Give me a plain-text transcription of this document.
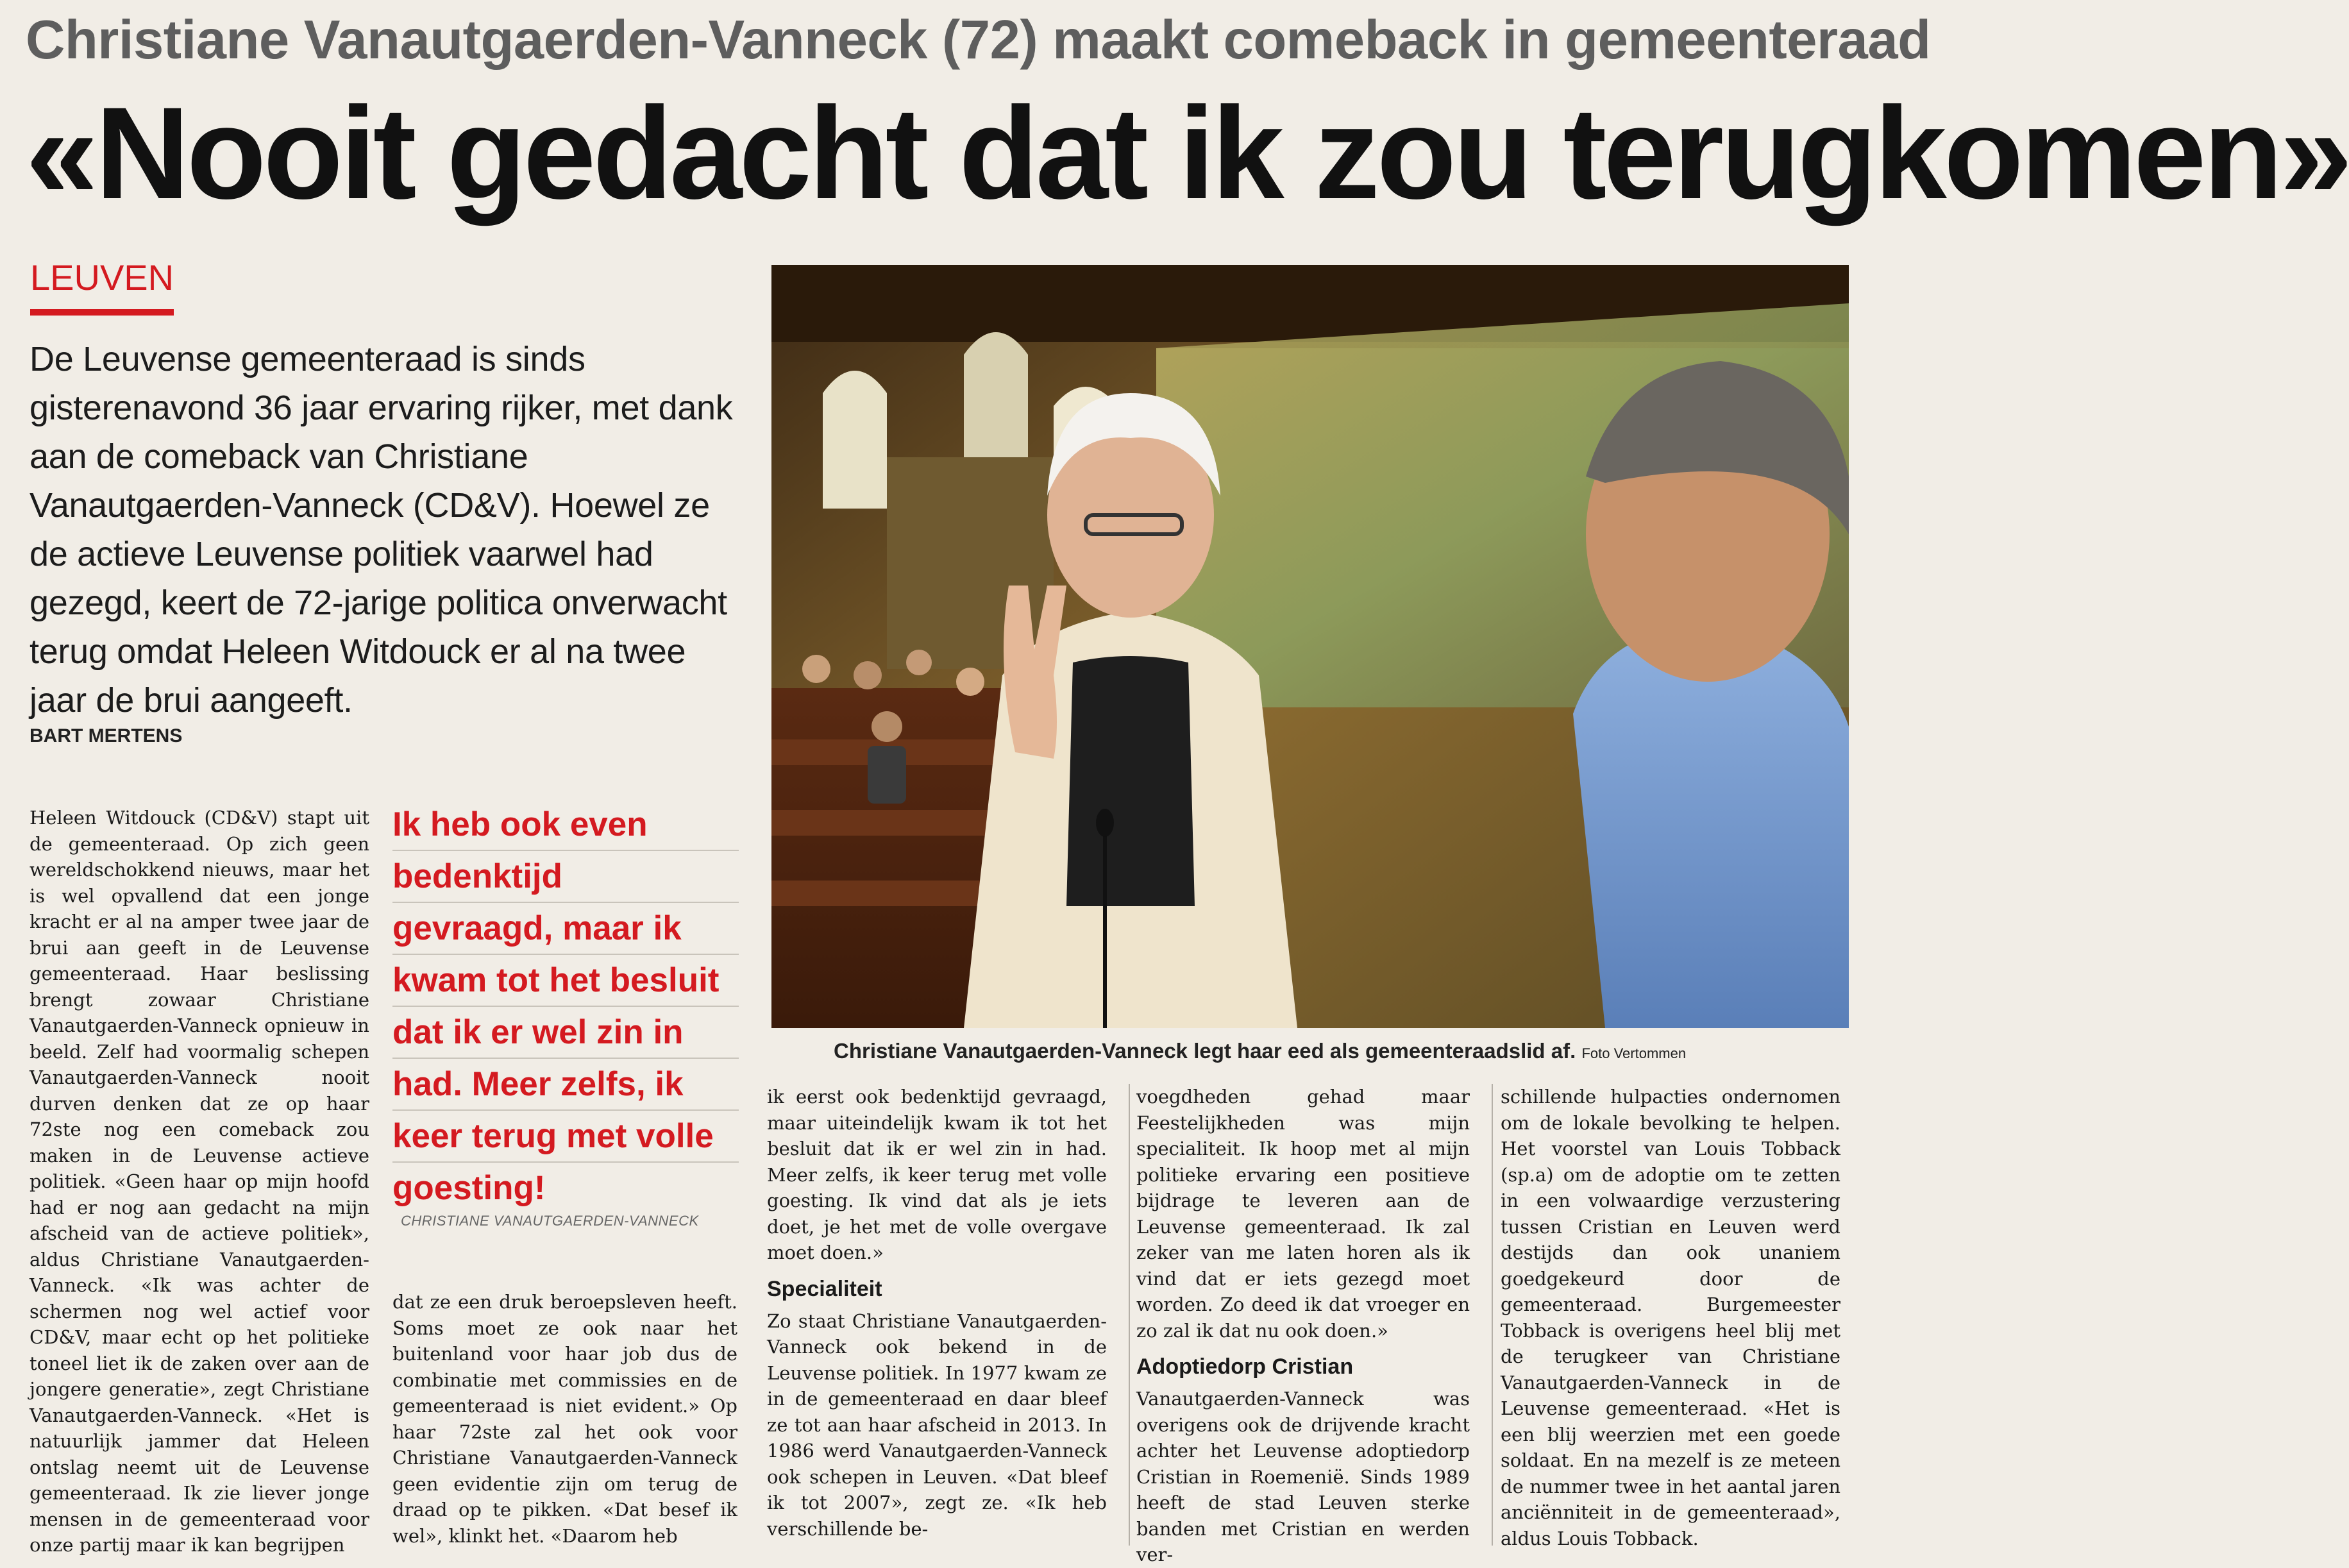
Christiane Vanautgaerden-Vanneck (72) maakt comeback in gemeenteraad
«Nooit gedacht dat ik zou terugkomen»
LEUVEN
De Leuvense gemeenteraad is sinds gisterenavond 36 jaar ervaring rijker, met dank aan de comeback van Christiane Vanautgaerden-Vanneck (CD&V). Hoewel ze de actieve Leuvense politiek vaarwel had gezegd, keert de 72-jarige politica onverwacht terug omdat Heleen Witdouck er al na twee jaar de brui aangeeft.
BART MERTENS
Christiane Vanautgaerden-Vanneck legt haar eed als gemeenteraadslid af. Foto Vertommen

Heleen Witdouck (CD&V) stapt uit de gemeenteraad. Op zich geen wereldschokkend nieuws, maar het is wel opvallend dat een jonge kracht er al na amper twee jaar de brui aan geeft in de Leuvense gemeenteraad. Haar beslissing brengt zowaar Christiane Vanautgaerden-Vanneck opnieuw in beeld. Zelf had voormalig schepen Vanautgaerden-Vanneck nooit durven denken dat ze op haar 72ste nog een comeback zou maken in de Leuvense actieve politiek. «Geen haar op mijn hoofd had er nog aan gedacht na mijn afscheid van de actieve politiek», aldus Christiane Vanautgaerden-Vanneck. «Ik was achter de schermen nog wel actief voor CD&V, maar echt op het politieke toneel liet ik de zaken over aan de jongere generatie», zegt Christiane Vanautgaerden-Vanneck. «Het is natuurlijk jammer dat Heleen ontslag neemt uit de Leuvense gemeenteraad. Ik zie liever jonge mensen in de gemeenteraad voor onze partij maar ik kan begrijpen

Ik heb ook even
bedenktijd
gevraagd, maar ik
kwam tot het besluit
dat ik er wel zin in
had. Meer zelfs, ik
keer terug met volle
goesting!
CHRISTIANE VANAUTGAERDEN-VANNECK

dat ze een druk beroepsleven heeft. Soms moet ze ook naar het buitenland voor haar job dus de combinatie met commissies en de gemeenteraad is niet evident.» Op haar 72ste zal het ook voor Christiane Vanautgaerden-Vanneck geen evidentie zijn om terug de draad op te pikken. «Dat besef ik wel», klinkt het. «Daarom heb

ik eerst ook bedenktijd gevraagd, maar uiteindelijk kwam ik tot het besluit dat ik er wel zin in had. Meer zelfs, ik keer terug met volle goesting. Ik vind dat als je iets doet, je het met de volle overgave moet doen.»

Specialiteit

Zo staat Christiane Vanautgaerden-Vanneck ook bekend in de Leuvense politiek. In 1977 kwam ze in de gemeenteraad en daar bleef ze tot aan haar afscheid in 2013. In 1986 werd Vanautgaerden-Vanneck ook schepen in Leuven. «Dat bleef ik tot 2007», zegt ze. «Ik heb verschillende be-

voegdheden gehad maar Feestelijkheden was mijn specialiteit. Ik hoop met al mijn politieke ervaring een positieve bijdrage te leveren aan de Leuvense gemeenteraad. Ik zal zeker van me laten horen als ik vind dat er iets gezegd moet worden. Zo deed ik dat vroeger en zo zal ik dat nu ook doen.»

Adoptiedorp Cristian

Vanautgaerden-Vanneck was overigens ook de drijvende kracht achter het Leuvense adoptiedorp Cristian in Roemenië. Sinds 1989 heeft de stad Leuven sterke banden met Cristian en werden ver-

schillende hulpacties ondernomen om de lokale bevolking te helpen. Het voorstel van Louis Tobback (sp.a) om de adoptie om te zetten in een volwaardige verzustering tussen Cristian en Leuven werd destijds dan ook unaniem goedgekeurd door de gemeenteraad. Burgemeester Tobback is overigens heel blij met de terugkeer van Christiane Vanautgaerden-Vanneck in de Leuvense gemeenteraad. «Het is een blij weerzien met een goede soldaat. En na mezelf is ze meteen de nummer twee in het aantal jaren anciënniteit in de gemeenteraad», aldus Louis Tobback.
